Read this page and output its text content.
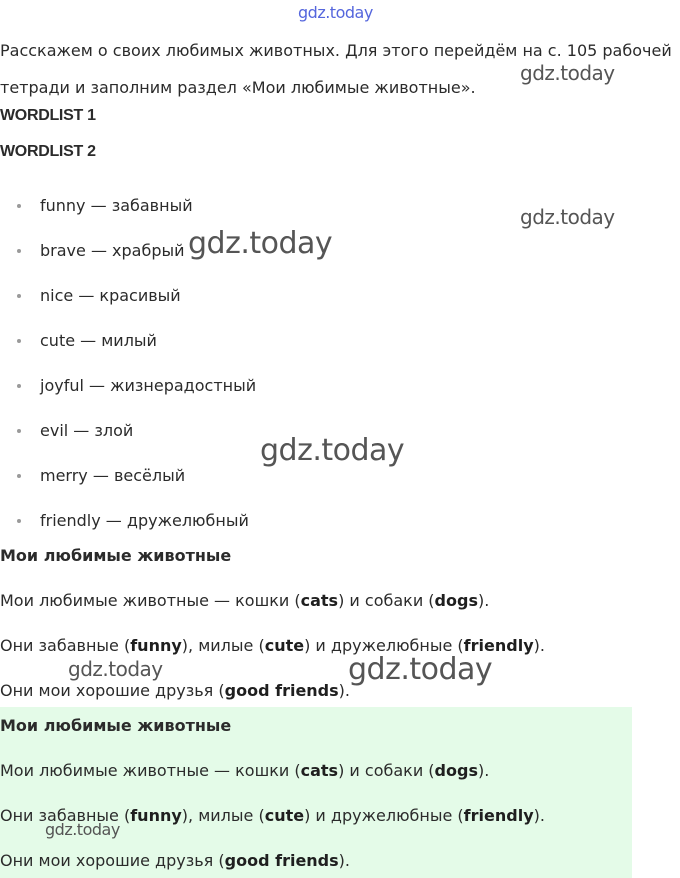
gdz.today
gdz.today
gdz.today
gdz.today
gdz.today
gdz.today	gdz.today
gdz.today

Расскажем о своих любимых животных. Для этого перейдём на с. 105 рабочей тетради и заполним раздел «Мои любимые животные».

WORDLIST 1
WORDLIST 2
funny — забавный
brave — храбрый
nice — красивый
cute — милый
joyful — жизнерадостный
evil — злой
merry — весёлый
friendly — дружелюбный
Мои любимые животные
Мои любимые животные — кошки (cats) и собаки (dogs).
Они забавные (funny), милые (cute) и дружелюбные (friendly).
Они мои хорошие друзья (good friends).
Мои любимые животные
Мои любимые животные — кошки (cats) и собаки (dogs).
Они забавные (funny), милые (cute) и дружелюбные (friendly).
Они мои хорошие друзья (good friends).
